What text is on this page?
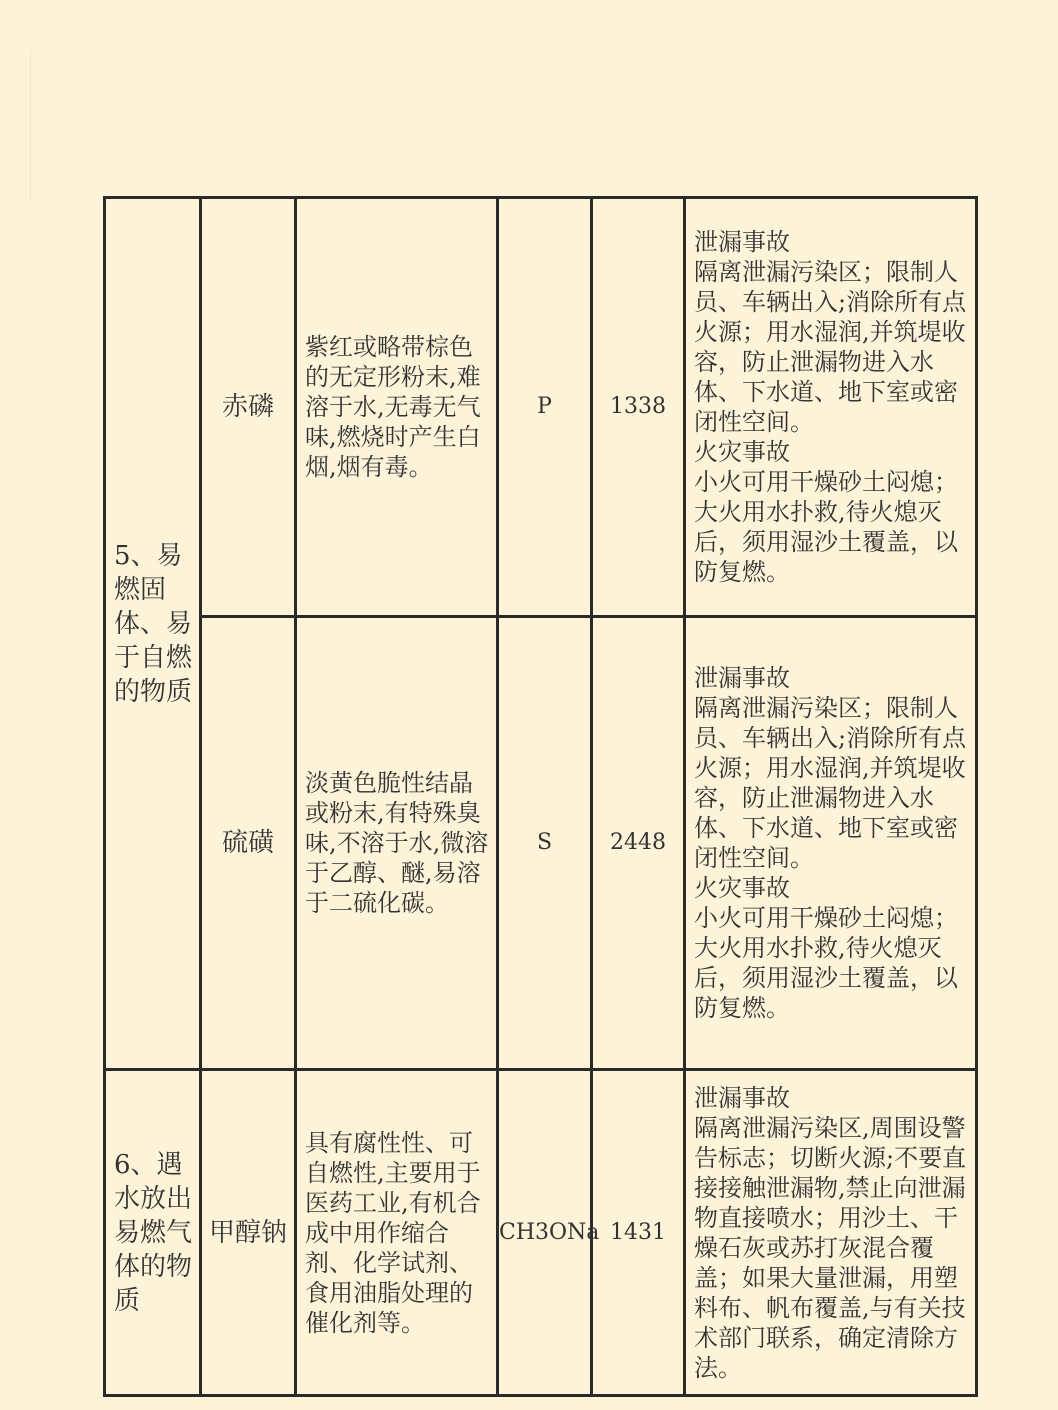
5、易燃固体、易于自燃的物质	赤磷	紫红或略带棕色的无定形粉末,难溶于水,无毒无气味,燃烧时产生白烟,烟有毒。	P	1338	泄漏事故
隔离泄漏污染区；限制人员、车辆出入;消除所有点火源；用水湿润,并筑堤收容，防止泄漏物进入水体、下水道、地下室或密闭性空间。
火灾事故
小火可用干燥砂土闷熄；大火用水扑救,待火熄灭后，须用湿沙土覆盖，以防复燃。

	硫磺	淡黄色脆性结晶或粉末,有特殊臭味,不溶于水,微溶于乙醇、醚,易溶于二硫化碳。	S	2448	泄漏事故
隔离泄漏污染区；限制人员、车辆出入;消除所有点火源；用水湿润,并筑堤收容，防止泄漏物进入水体、下水道、地下室或密闭性空间。
火灾事故
小火可用干燥砂土闷熄；大火用水扑救,待火熄灭后，须用湿沙土覆盖，以防复燃。

6、遇水放出易燃气体的物质	甲醇钠	具有腐性性、可自燃性,主要用于医药工业,有机合成中用作缩合剂、化学试剂、食用油脂处理的催化剂等。	CH3ONa	1431	泄漏事故
隔离泄漏污染区,周围设警告标志；切断火源;不要直接接触泄漏物,禁止向泄漏物直接喷水；用沙土、干燥石灰或苏打灰混合覆盖；如果大量泄漏，用塑料布、帆布覆盖,与有关技术部门联系，确定清除方法。
